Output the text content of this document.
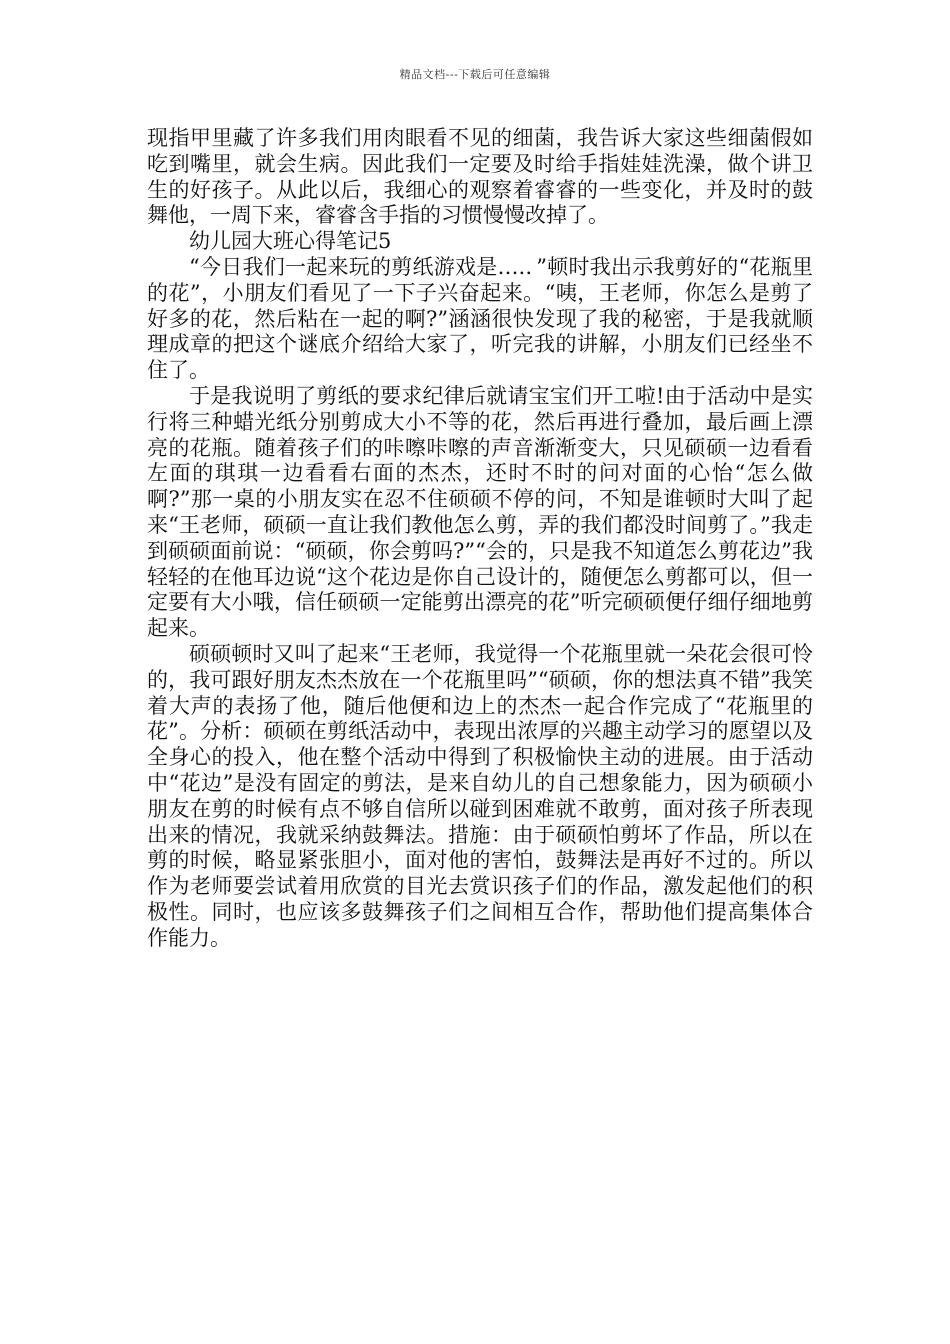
精品文档---下载后可任意编辑

现指甲里藏了许多我们用肉眼看不见的细菌，我告诉大家这些细菌假如吃到嘴里，就会生病。因此我们一定要及时给手指娃娃洗澡，做个讲卫生的好孩子。从此以后，我细心的观察着睿睿的一些变化，并及时的鼓舞他，一周下来，睿睿含手指的习惯慢慢改掉了。

幼儿园大班心得笔记5

“今日我们一起来玩的剪纸游戏是….．”顿时我出示我剪好的“花瓶里的花”，小朋友们看见了一下子兴奋起来。“咦，王老师，你怎么是剪了好多的花，然后粘在一起的啊?”涵涵很快发现了我的秘密，于是我就顺理成章的把这个谜底介绍给大家了，听完我的讲解，小朋友们已经坐不住了。

于是我说明了剪纸的要求纪律后就请宝宝们开工啦!由于活动中是实行将三种蜡光纸分别剪成大小不等的花，然后再进行叠加，最后画上漂亮的花瓶。随着孩子们的咔嚓咔嚓的声音渐渐变大，只见硕硕一边看看左面的琪琪一边看看右面的杰杰，还时不时的问对面的心怡“怎么做啊?”那一桌的小朋友实在忍不住硕硕不停的问，不知是谁顿时大叫了起来“王老师，硕硕一直让我们教他怎么剪，弄的我们都没时间剪了。”我走到硕硕面前说：“硕硕，你会剪吗?”“会的，只是我不知道怎么剪花边”我轻轻的在他耳边说“这个花边是你自己设计的，随便怎么剪都可以，但一定要有大小哦，信任硕硕一定能剪出漂亮的花”听完硕硕便仔细仔细地剪起来。

硕硕顿时又叫了起来“王老师，我觉得一个花瓶里就一朵花会很可怜的，我可跟好朋友杰杰放在一个花瓶里吗”“硕硕，你的想法真不错”我笑着大声的表扬了他，随后他便和边上的杰杰一起合作完成了“花瓶里的花”。分析：硕硕在剪纸活动中，表现出浓厚的兴趣主动学习的愿望以及全身心的投入，他在整个活动中得到了积极愉快主动的进展。由于活动中“花边”是没有固定的剪法，是来自幼儿的自己想象能力，因为硕硕小朋友在剪的时候有点不够自信所以碰到困难就不敢剪，面对孩子所表现出来的情况，我就采纳鼓舞法。措施：由于硕硕怕剪坏了作品，所以在剪的时候，略显紧张胆小，面对他的害怕，鼓舞法是再好不过的。所以作为老师要尝试着用欣赏的目光去赏识孩子们的作品，激发起他们的积极性。同时，也应该多鼓舞孩子们之间相互合作，帮助他们提高集体合作能力。
